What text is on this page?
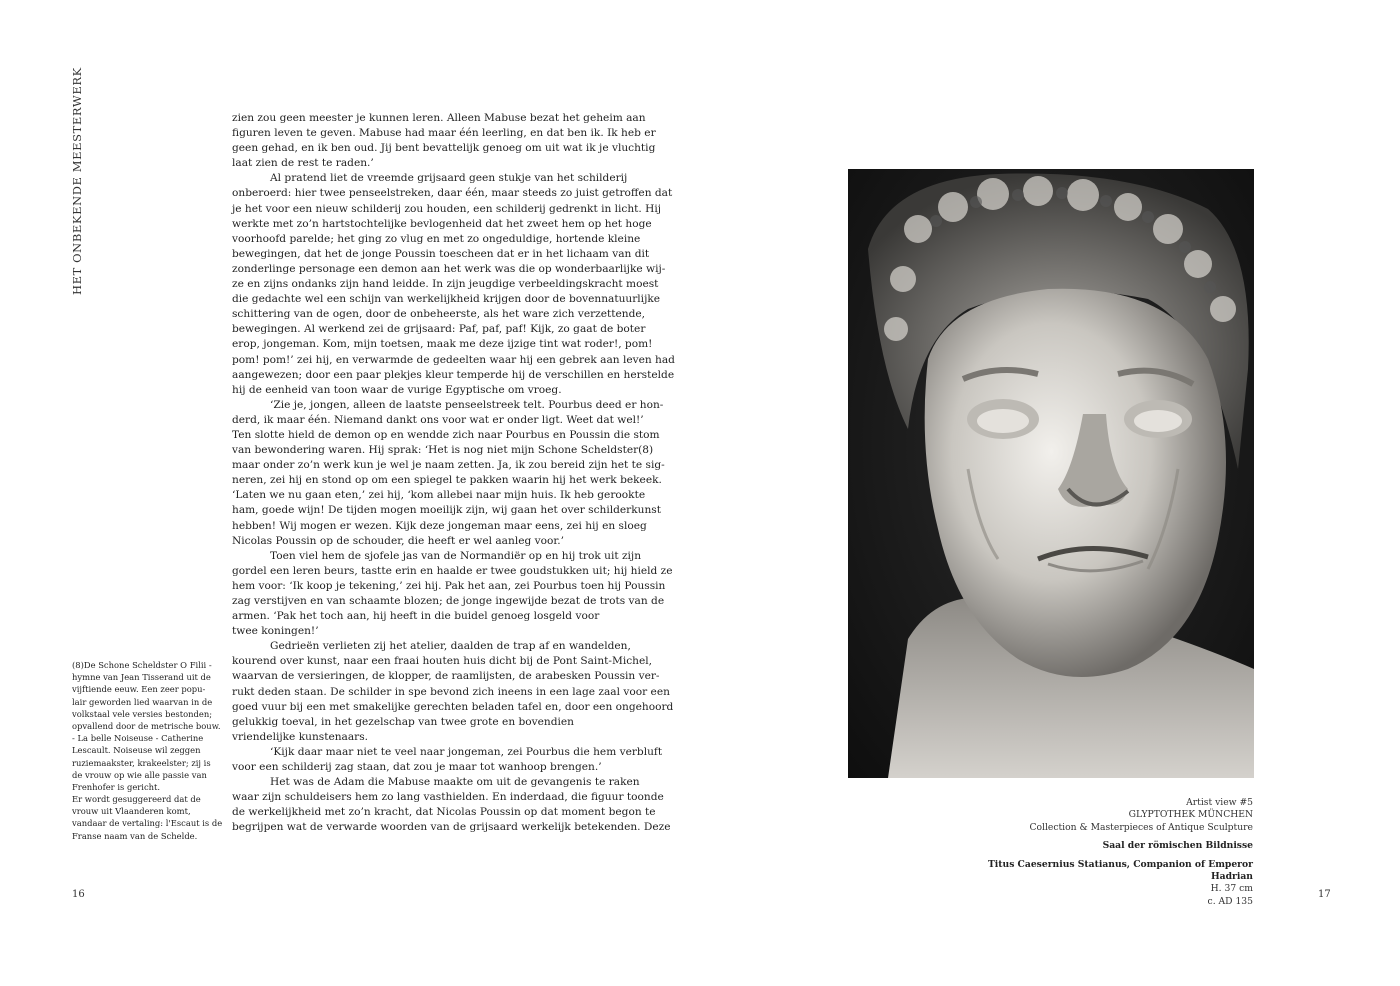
HET ONBEKENDE MEESTERWERK	zien zou geen meester je kunnen leren. Alleen Mabuse bezat het geheim aan
figuren leven te geven. Mabuse had maar één leerling, en dat ben ik. Ik heb er
geen gehad, en ik ben oud. Jij bent bevattelijk genoeg om uit wat ik je vluchtig
laat zien de rest te raden.’
Al pratend liet de vreemde grijsaard geen stukje van het schilderij
onberoerd: hier twee penseelstreken, daar één, maar steeds zo juist getroffen dat
je het voor een nieuw schilderij zou houden, een schilderij gedrenkt in licht. Hij
werkte met zo’n hartstochtelijke bevlogenheid dat het zweet hem op het hoge
voorhoofd parelde; het ging zo vlug en met zo ongeduldige, hortende kleine
bewegingen, dat het de jonge Poussin toescheen dat er in het lichaam van dit
zonderlinge personage een demon aan het werk was die op wonderbaarlijke wij-
ze en zijns ondanks zijn hand leidde. In zijn jeugdige verbeeldingskracht moest
die gedachte wel een schijn van werkelijkheid krijgen door de bovennatuurlijke
schittering van de ogen, door de onbeheerste, als het ware zich verzettende,
bewegingen. Al werkend zei de grijsaard: Paf, paf, paf! Kijk, zo gaat de boter
erop, jongeman. Kom, mijn toetsen, maak me deze ijzige tint wat roder!, pom!
pom! pom!’ zei hij, en verwarmde de gedeelten waar hij een gebrek aan leven had
aangewezen; door een paar plekjes kleur temperde hij de verschillen en herstelde
hij de eenheid van toon waar de vurige Egyptische om vroeg.
‘Zie je, jongen, alleen de laatste penseelstreek telt. Pourbus deed er hon-
derd, ik maar één. Niemand dankt ons voor wat er onder ligt. Weet dat wel!’
Ten slotte hield de demon op en wendde zich naar Pourbus en Poussin die stom
van bewondering waren. Hij sprak: ‘Het is nog niet mijn Schone Scheldster(8)
maar onder zo’n werk kun je wel je naam zetten. Ja, ik zou bereid zijn het te sig-
neren, zei hij en stond op om een spiegel te pakken waarin hij het werk bekeek.
‘Laten we nu gaan eten,’ zei hij, ‘kom allebei naar mijn huis. Ik heb gerookte
ham, goede wijn! De tijden mogen moeilijk zijn, wij gaan het over schilderkunst
hebben! Wij mogen er wezen. Kijk deze jongeman maar eens, zei hij en sloeg
Nicolas Poussin op de schouder, die heeft er wel aanleg voor.’
Toen viel hem de sjofele jas van de Normandiër op en hij trok uit zijn
gordel een leren beurs, tastte erin en haalde er twee goudstukken uit; hij hield ze
hem voor: ‘Ik koop je tekening,’ zei hij. Pak het aan, zei Pourbus toen hij Poussin
zag verstijven en van schaamte blozen; de jonge ingewijde bezat de trots van de
armen. ‘Pak het toch aan, hij heeft in die buidel genoeg losgeld voor
twee koningen!’
Gedrieën verlieten zij het atelier, daalden de trap af en wandelden,
kourend over kunst, naar een fraai houten huis dicht bij de Pont Saint-Michel,
waarvan de versieringen, de klopper, de raamlijsten, de arabesken Poussin ver-
rukt deden staan. De schilder in spe bevond zich ineens in een lage zaal voor een
goed vuur bij een met smakelijke gerechten beladen tafel en, door een ongehoord
gelukkig toeval, in het gezelschap van twee grote en bovendien
vriendelijke kunstenaars.
‘Kijk daar maar niet te veel naar jongeman, zei Pourbus die hem verbluft
voor een schilderij zag staan, dat zou je maar tot wanhoop brengen.’
Het was de Adam die Mabuse maakte om uit de gevangenis te raken
waar zijn schuldeisers hem zo lang vasthielden. En inderdaad, die figuur toonde
de werkelijkheid met zo’n kracht, dat Nicolas Poussin op dat moment begon te
begrijpen wat de verwarde woorden van de grijsaard werkelijk betekenden. Deze
(8)De Schone Scheldster O Filii -
hymne van Jean Tisserand uit de
vijftiende eeuw. Een zeer popu-
lair geworden lied waarvan in de
volkstaal vele versies bestonden;
opvallend door de metrische bouw.
- La belle Noiseuse - Catherine
Lescault. Noiseuse wil zeggen
ruziemaakster, krakeelster; zij is
de vrouw op wie alle passie van
Frenhofer is gericht.
Er wordt gesuggereerd dat de
vrouw uit Vlaanderen komt,
vandaar de vertaling: l'Escaut is de
Franse naam van de Schelde.
16	17
Artist view #5
GLYPTOTHEK MÜNCHEN
Collection & Masterpieces of Antique Sculpture
Saal der römischen Bildnisse
Titus Caesernius Statianus, Companion of Emperor Hadrian
H. 37 cm
c. AD 135
